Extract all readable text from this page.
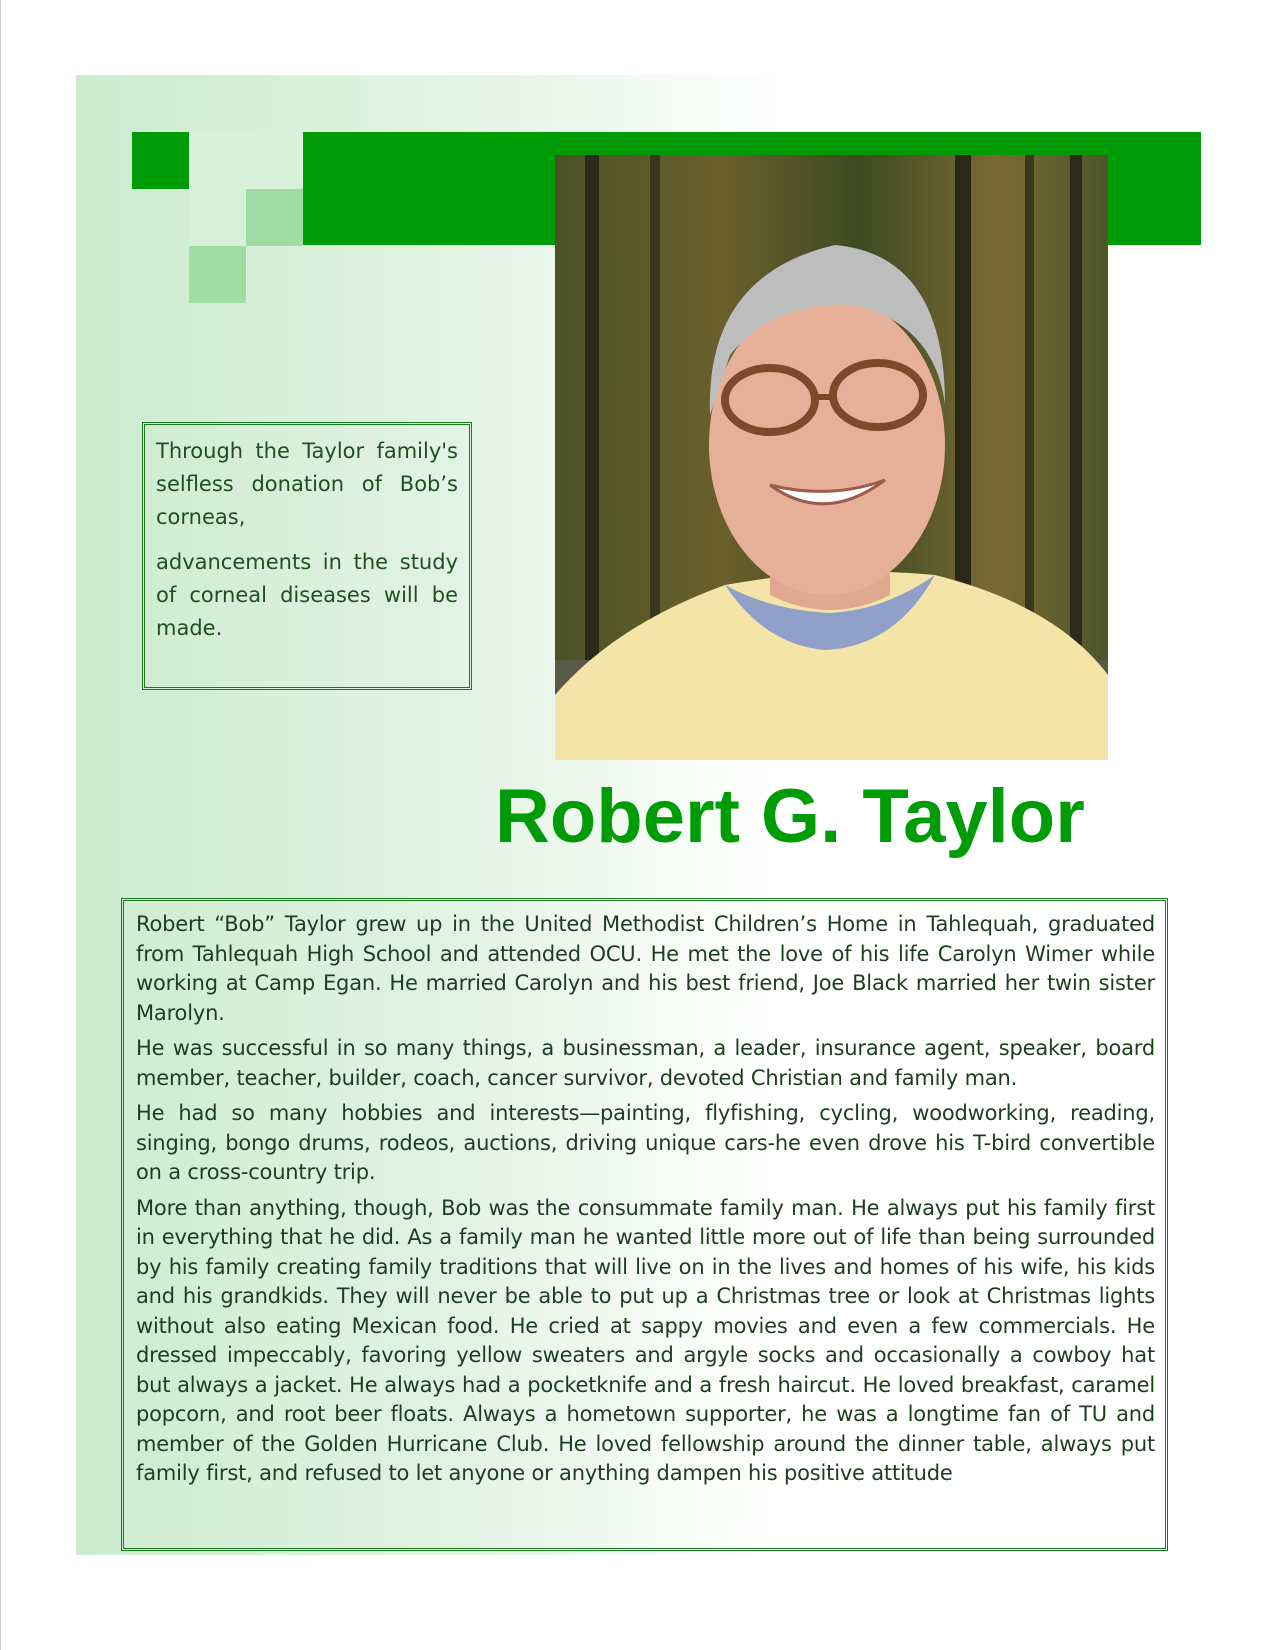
Through the Taylor family's selfless donation of Bob’s corneas,

advancements in the study of corneal diseases will be made.

Robert G. Taylor

Robert “Bob” Taylor grew up in the United Methodist Children’s Home in Tahlequah, graduated from Tahlequah High School and attended OCU. He met the love of his life Carolyn Wimer while working at Camp Egan. He married Carolyn and his best friend, Joe Black married her twin sister Marolyn.

He was successful in so many things, a businessman, a leader, insurance agent, speaker, board member, teacher, builder, coach, cancer survivor, devoted Christian and family man.

He had so many hobbies and interests—painting, flyfishing, cycling, woodworking, reading, singing, bongo drums, rodeos, auctions, driving unique cars-he even drove his T-bird convertible on a cross-country trip.

More than anything, though, Bob was the consummate family man. He always put his family first in everything that he did. As a family man he wanted little more out of life than being surrounded by his family creating family traditions that will live on in the lives and homes of his wife, his kids and his grandkids. They will never be able to put up a Christmas tree or look at Christmas lights without also eating Mexican food. He cried at sappy movies and even a few commercials. He dressed impeccably, favoring yellow sweaters and argyle socks and occasionally a cowboy hat but always a jacket. He always had a pocketknife and a fresh haircut. He loved breakfast, caramel popcorn, and root beer floats. Always a hometown supporter, he was a longtime fan of TU and member of the Golden Hurricane Club. He loved fellowship around the dinner table, always put family first, and refused to let anyone or anything dampen his positive attitude
